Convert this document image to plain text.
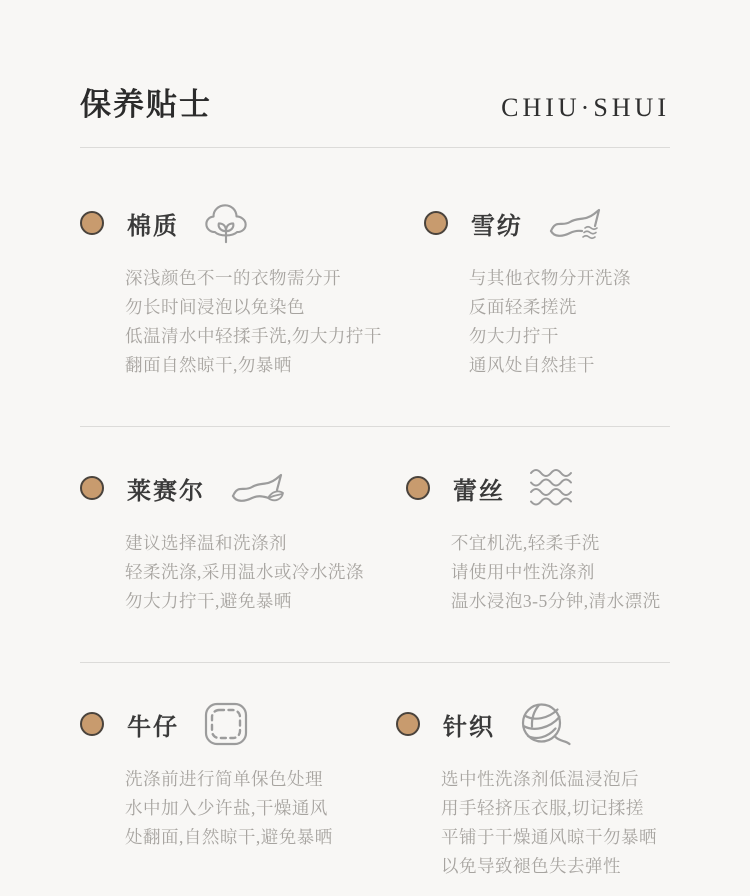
保养贴士	CHIU·SHUI
棉质

深浅颜色不一的衣物需分开

勿长时间浸泡以免染色

低温清水中轻揉手洗,勿大力拧干

翻面自然晾干,勿暴晒

雪纺

与其他衣物分开洗涤

反面轻柔搓洗

勿大力拧干

通风处自然挂干

莱赛尔

建议选择温和洗涤剂

轻柔洗涤,采用温水或冷水洗涤

勿大力拧干,避免暴晒

蕾丝

不宜机洗,轻柔手洗

请使用中性洗涤剂

温水浸泡3-5分钟,清水漂洗

牛仔

洗涤前进行简单保色处理

水中加入少许盐,干燥通风

处翻面,自然晾干,避免暴晒

针织

选中性洗涤剂低温浸泡后

用手轻挤压衣服,切记揉搓

平铺于干燥通风晾干勿暴晒

以免导致褪色失去弹性
